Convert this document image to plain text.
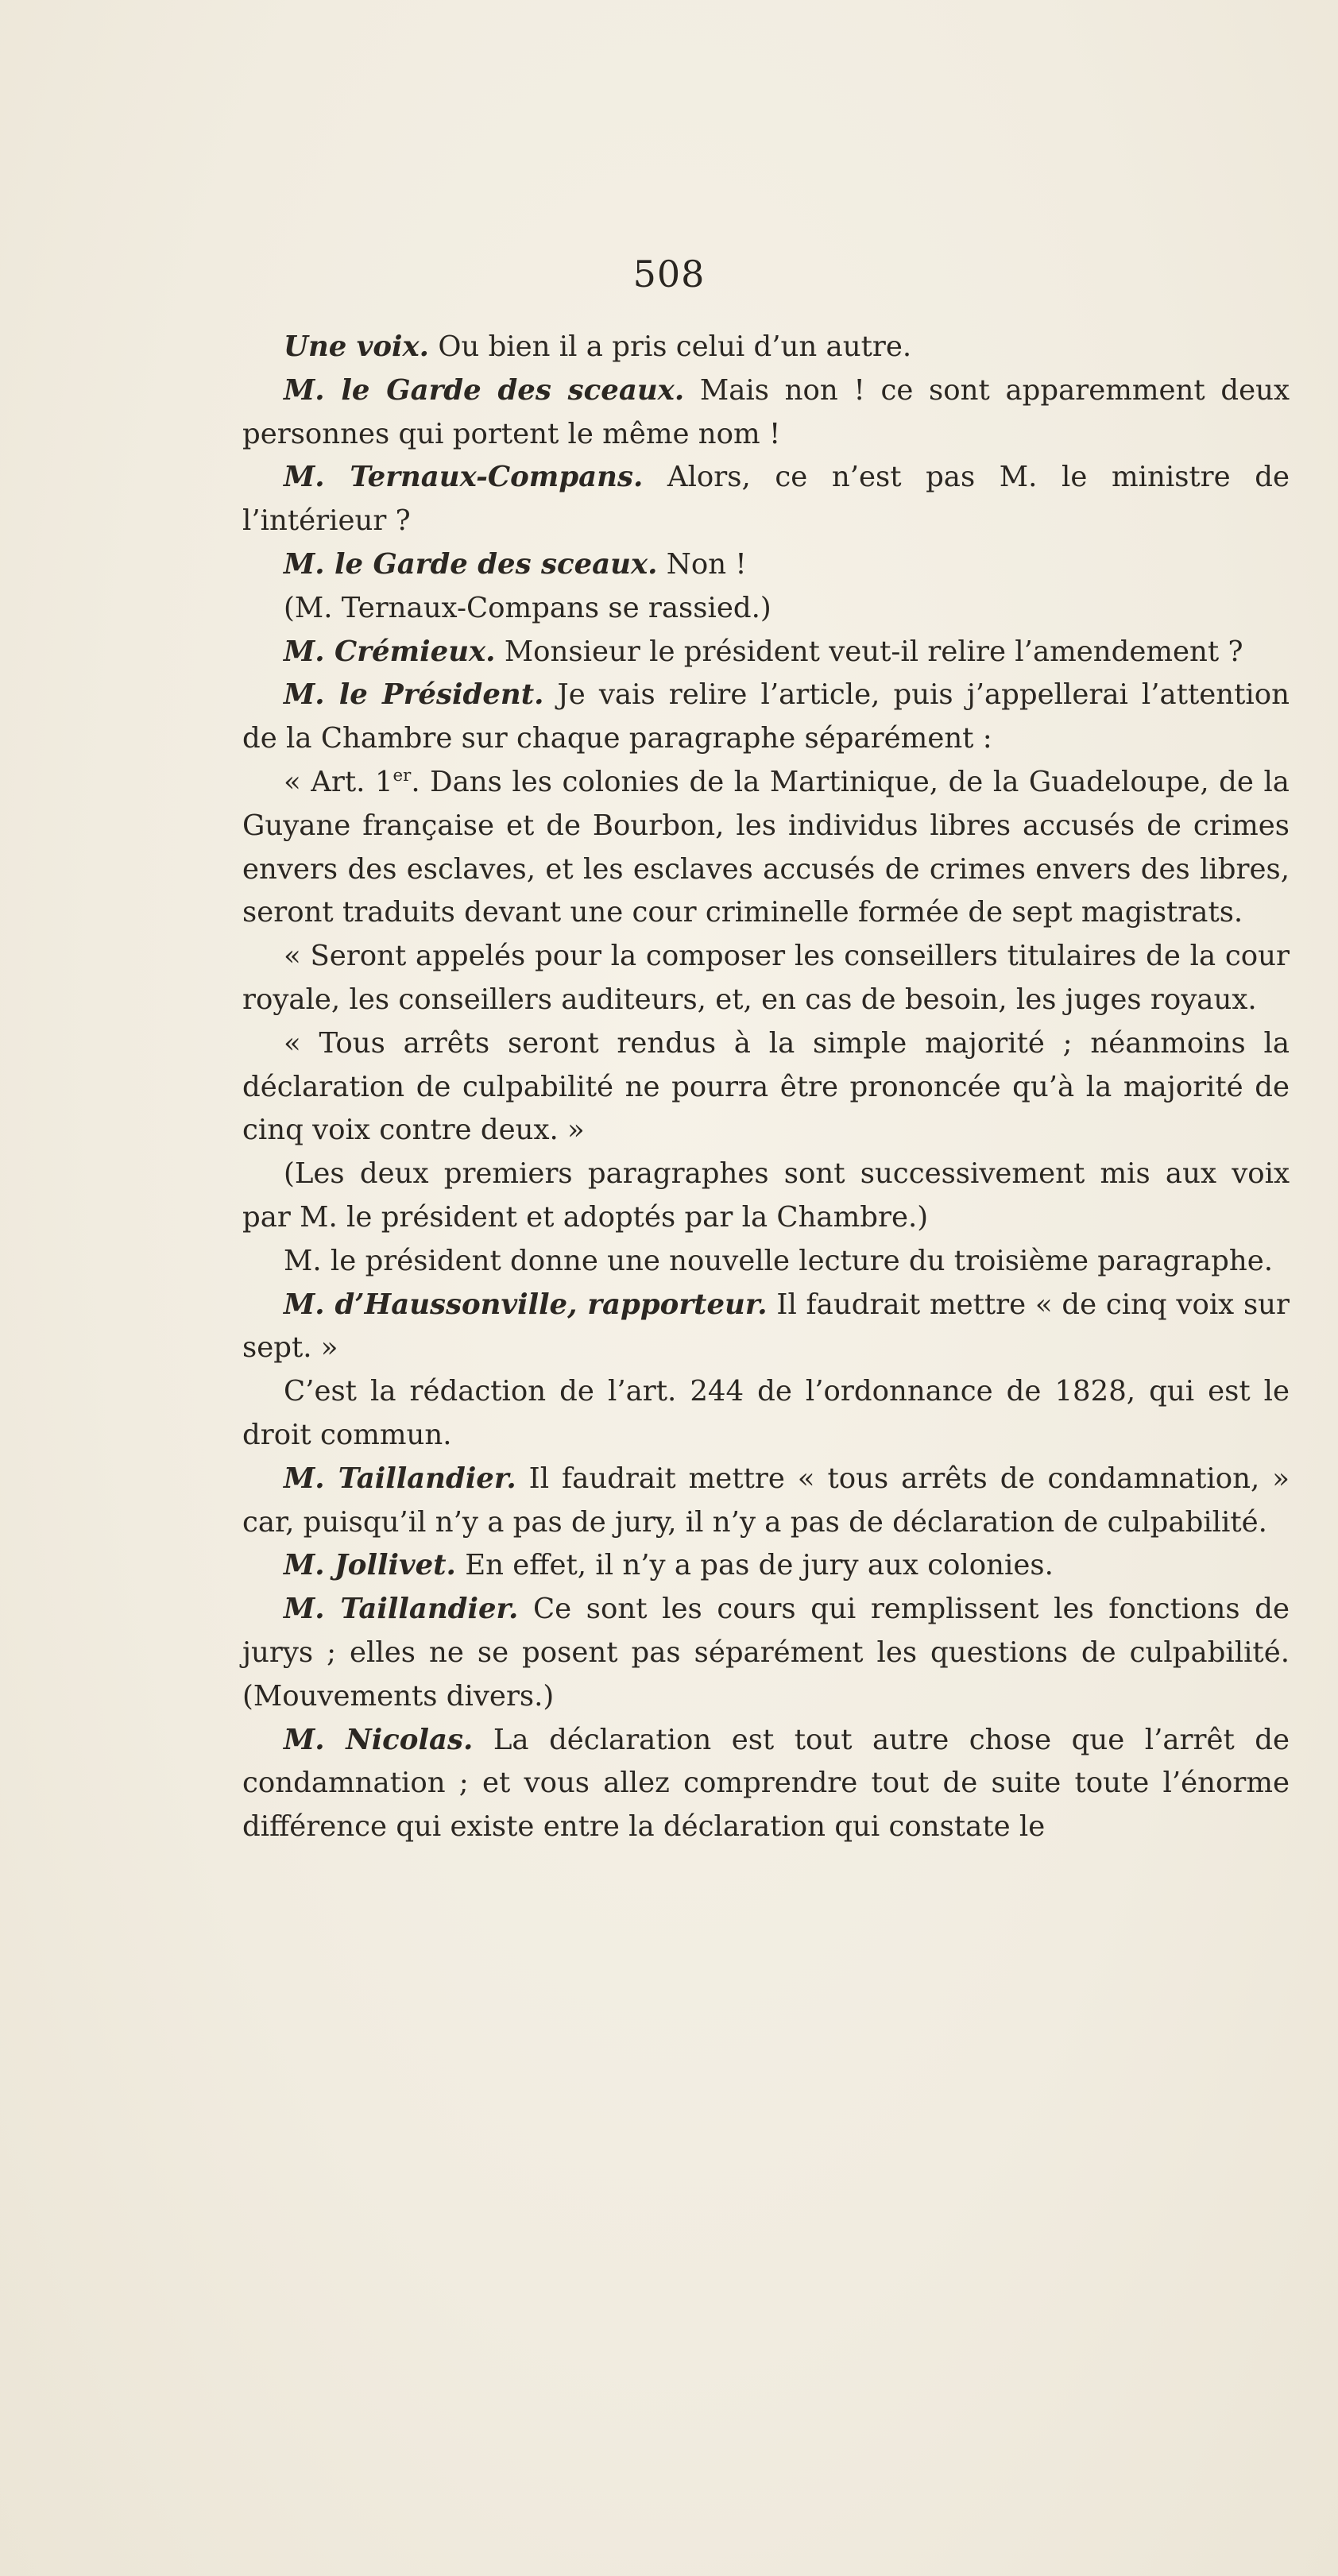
508

Une voix. Ou bien il a pris celui d’un autre.

M. le Garde des sceaux. Mais non ! ce sont apparemment deux personnes qui portent le même nom !

M. Ternaux-Compans. Alors, ce n’est pas M. le ministre de l’intérieur ?

M. le Garde des sceaux. Non !

(M. Ternaux-Compans se rassied.)

M. Crémieux. Monsieur le président veut-il relire l’amendement ?

M. le Président. Je vais relire l’article, puis j’appellerai l’attention de la Chambre sur chaque paragraphe séparément :

« Art. 1er. Dans les colonies de la Martinique, de la Guadeloupe, de la Guyane française et de Bourbon, les individus libres accusés de crimes envers des esclaves, et les esclaves accusés de crimes envers des libres, seront traduits devant une cour criminelle formée de sept magistrats.

« Seront appelés pour la composer les conseillers titulaires de la cour royale, les conseillers auditeurs, et, en cas de besoin, les juges royaux.

« Tous arrêts seront rendus à la simple majorité ; néanmoins la déclaration de culpabilité ne pourra être prononcée qu’à la majorité de cinq voix contre deux. »

(Les deux premiers paragraphes sont successivement mis aux voix par M. le président et adoptés par la Chambre.)

M. le président donne une nouvelle lecture du troisième paragraphe.

M. d’Haussonville, rapporteur. Il faudrait mettre « de cinq voix sur sept. »

C’est la rédaction de l’art. 244 de l’ordonnance de 1828, qui est le droit commun.

M. Taillandier. Il faudrait mettre « tous arrêts de condamnation, » car, puisqu’il n’y a pas de jury, il n’y a pas de déclaration de culpabilité.

M. Jollivet. En effet, il n’y a pas de jury aux colonies.

M. Taillandier. Ce sont les cours qui remplissent les fonctions de jurys ; elles ne se posent pas séparément les questions de culpabilité. (Mouvements divers.)

M. Nicolas. La déclaration est tout autre chose que l’arrêt de condamnation ; et vous allez comprendre tout de suite toute l’énorme différence qui existe entre la déclaration qui constate le
